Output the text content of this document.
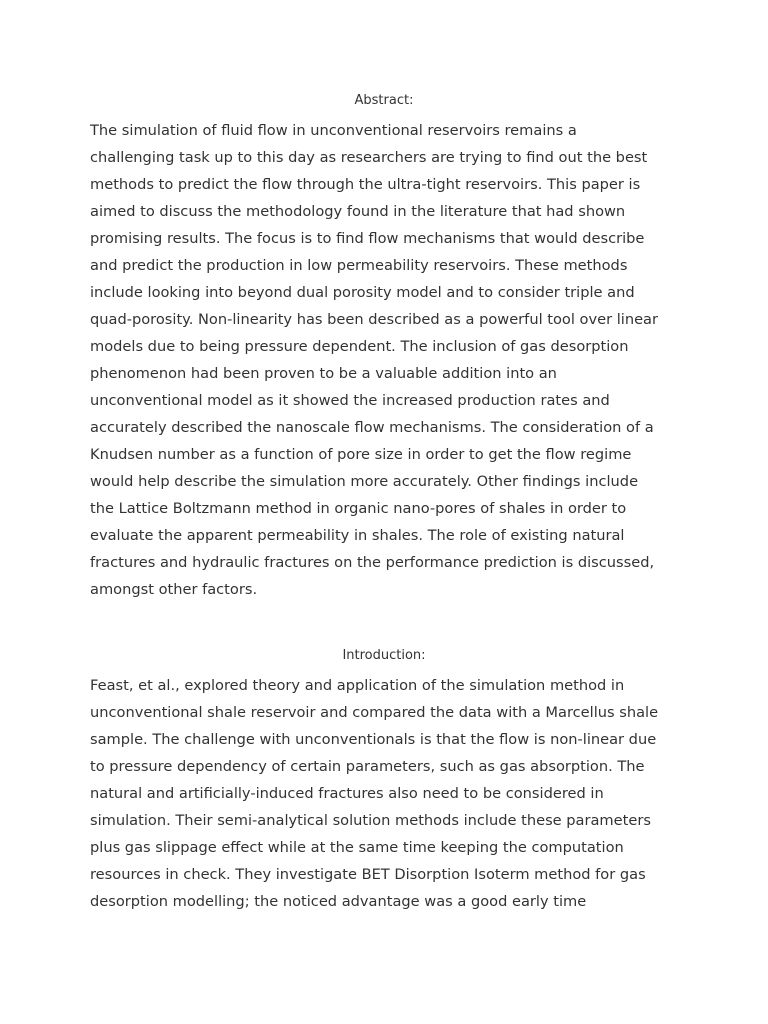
Abstract:
The simulation of fluid flow in unconventional reservoirs remains a
challenging task up to this day as researchers are trying to find out the best
methods to predict the flow through the ultra-tight reservoirs. This paper is
aimed to discuss the methodology found in the literature that had shown
promising results. The focus is to find flow mechanisms that would describe
and predict the production in low permeability reservoirs. These methods
include looking into beyond dual porosity model and to consider triple and
quad-porosity. Non-linearity has been described as a powerful tool over linear
models due to being pressure dependent. The inclusion of gas desorption
phenomenon had been proven to be a valuable addition into an
unconventional model as it showed the increased production rates and
accurately described the nanoscale flow mechanisms. The consideration of a
Knudsen number as a function of pore size in order to get the flow regime
would help describe the simulation more accurately. Other findings include
the Lattice Boltzmann method in organic nano-pores of shales in order to
evaluate the apparent permeability in shales. The role of existing natural
fractures and hydraulic fractures on the performance prediction is discussed,
amongst other factors.
Introduction:
Feast, et al., explored theory and application of the simulation method in
unconventional shale reservoir and compared the data with a Marcellus shale
sample. The challenge with unconventionals is that the flow is non-linear due
to pressure dependency of certain parameters, such as gas absorption. The
natural and artificially-induced fractures also need to be considered in
simulation. Their semi-analytical solution methods include these parameters
plus gas slippage effect while at the same time keeping the computation
resources in check. They investigate BET Disorption Isoterm method for gas
desorption modelling; the noticed advantage was a good early time
